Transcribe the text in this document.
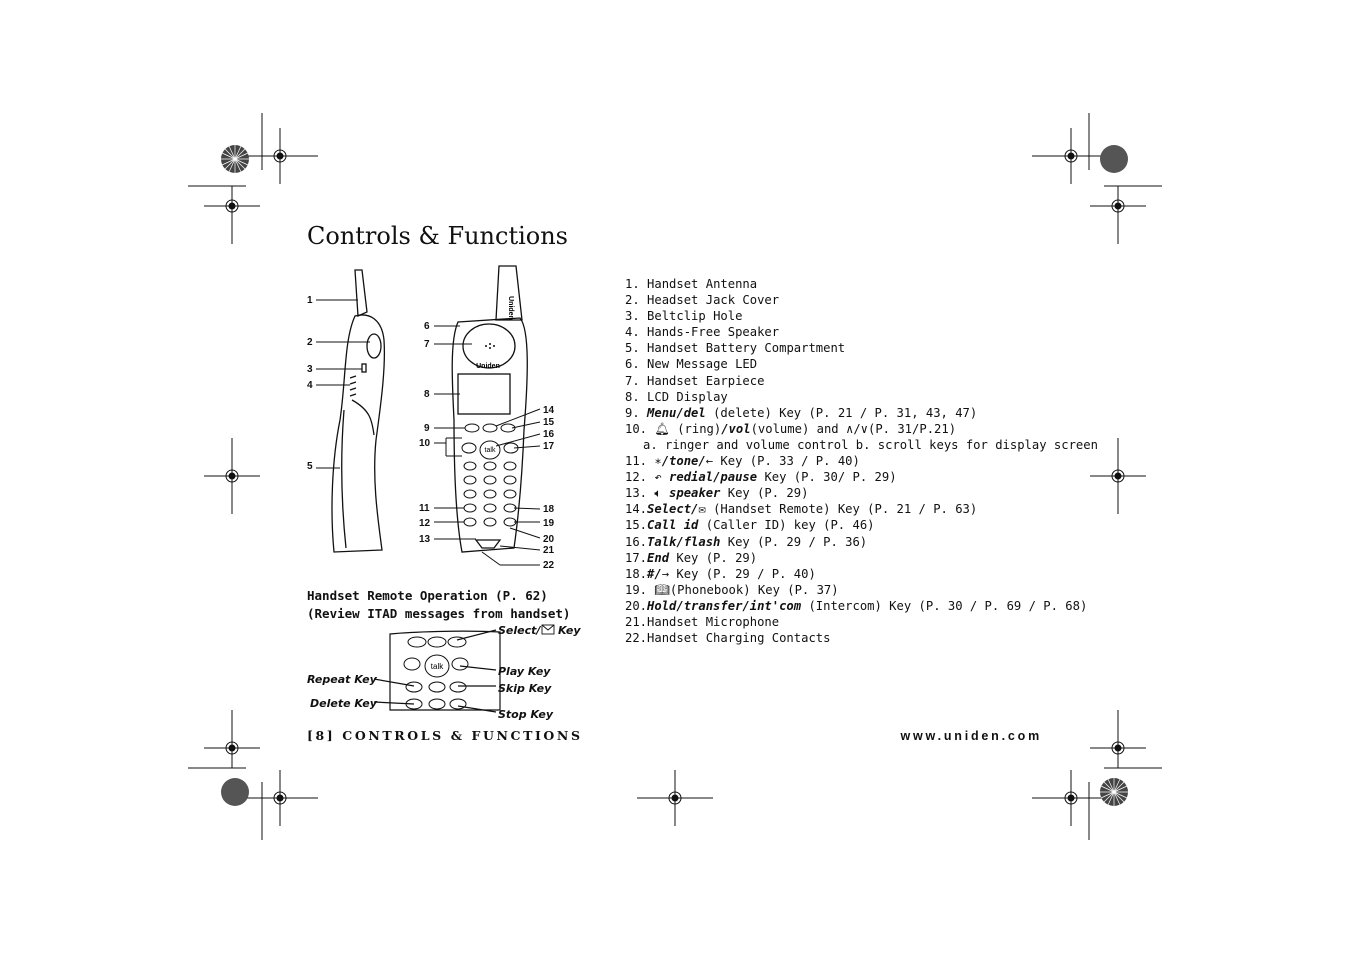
Controls & Functions
Uniden
Uniden
talk
1
2
3
4
5
6
7
8
9
10
11
12
13
14
15
16
17
18
19
20
21
22
Handset Remote Operation (P. 62)
(Review ITAD messages from handset)
talk
Select/ Key
Play Key
Skip Key
Stop Key
Repeat Key
Delete Key
1. Handset Antenna
2. Headset Jack Cover
3. Beltclip Hole
4. Hands-Free Speaker
5. Handset Battery Compartment
6. New Message LED
7. Handset Earpiece
8. LCD Display
9. Menu/del (delete) Key (P. 21 / P. 31, 43, 47)
10. 🔔︎ (ring)/vol(volume) and ∧/∨(P. 31/P.21)
a. ringer and volume control b. scroll keys for display screen
11. ∗/tone/← Key (P. 33 / P. 40)
12. ↶ redial/pause Key (P. 30/ P. 29)
13. 🔈︎ speaker Key (P. 29)
14.Select/✉ (Handset Remote) Key (P. 21 / P. 63)
15.Call id (Caller ID) key (P. 46)
16.Talk/flash Key (P. 29 / P. 36)
17.End Key (P. 29)
18.#/→ Key (P. 29 / P. 40)
19. 📖︎(Phonebook) Key (P. 37)
20.Hold/transfer/int'com (Intercom) Key (P. 30 / P. 69 / P. 68)
21.Handset Microphone
22.Handset Charging Contacts
[8] CONTROLS & FUNCTIONS	www.uniden.com
